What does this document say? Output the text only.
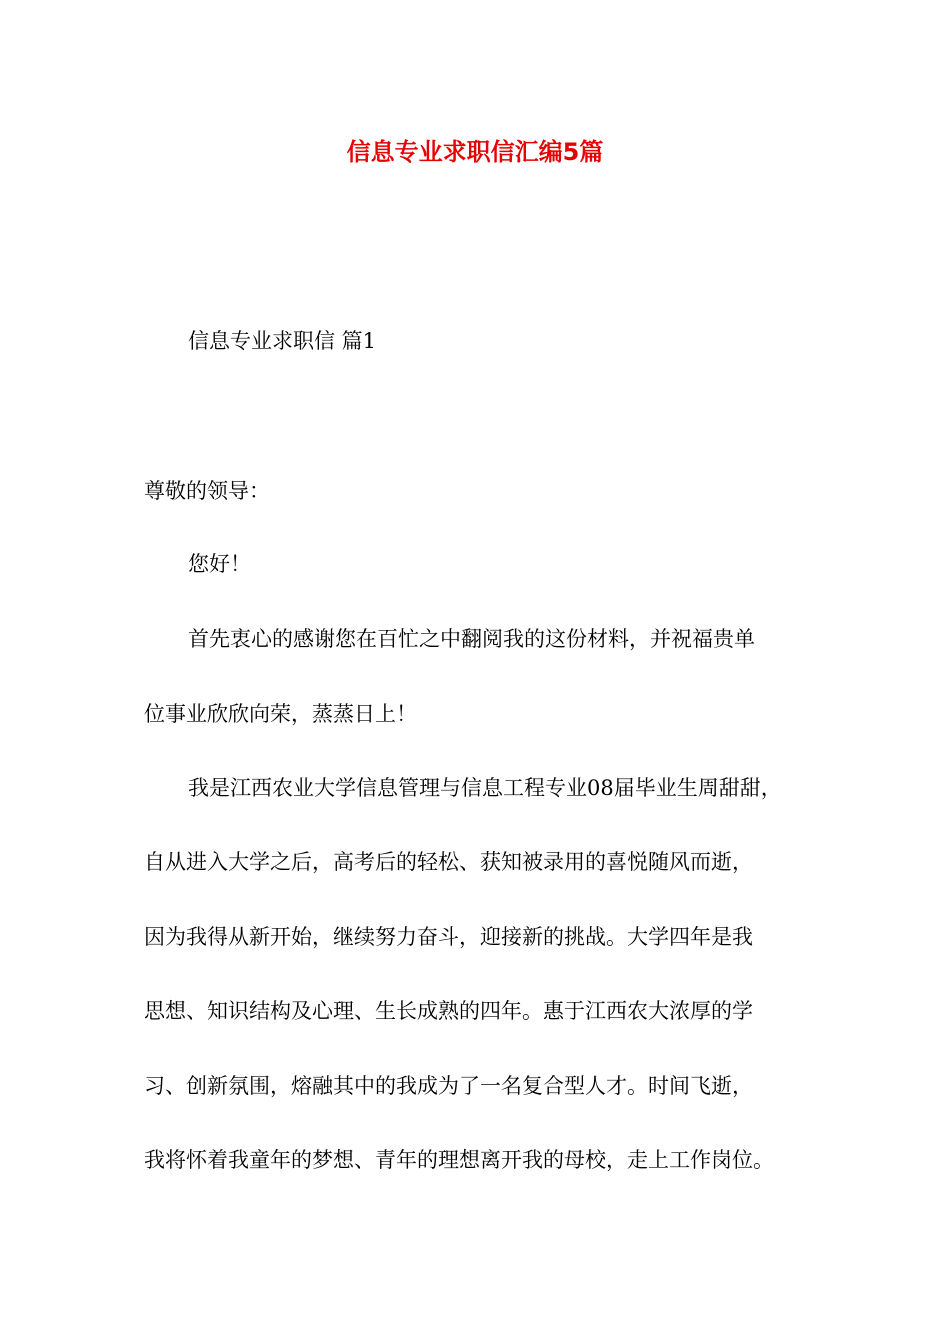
信息专业求职信汇编5篇
信息专业求职信 篇1
尊敬的领导：
您好！
首先衷心的感谢您在百忙之中翻阅我的这份材料，并祝福贵单
位事业欣欣向荣，蒸蒸日上！
我是江西农业大学信息管理与信息工程专业08届毕业生周甜甜，
自从进入大学之后，高考后的轻松、获知被录用的喜悦随风而逝，
因为我得从新开始，继续努力奋斗，迎接新的挑战。大学四年是我
思想、知识结构及心理、生长成熟的四年。惠于江西农大浓厚的学
习、创新氛围，熔融其中的我成为了一名复合型人才。时间飞逝，
我将怀着我童年的梦想、青年的理想离开我的母校，走上工作岗位。
